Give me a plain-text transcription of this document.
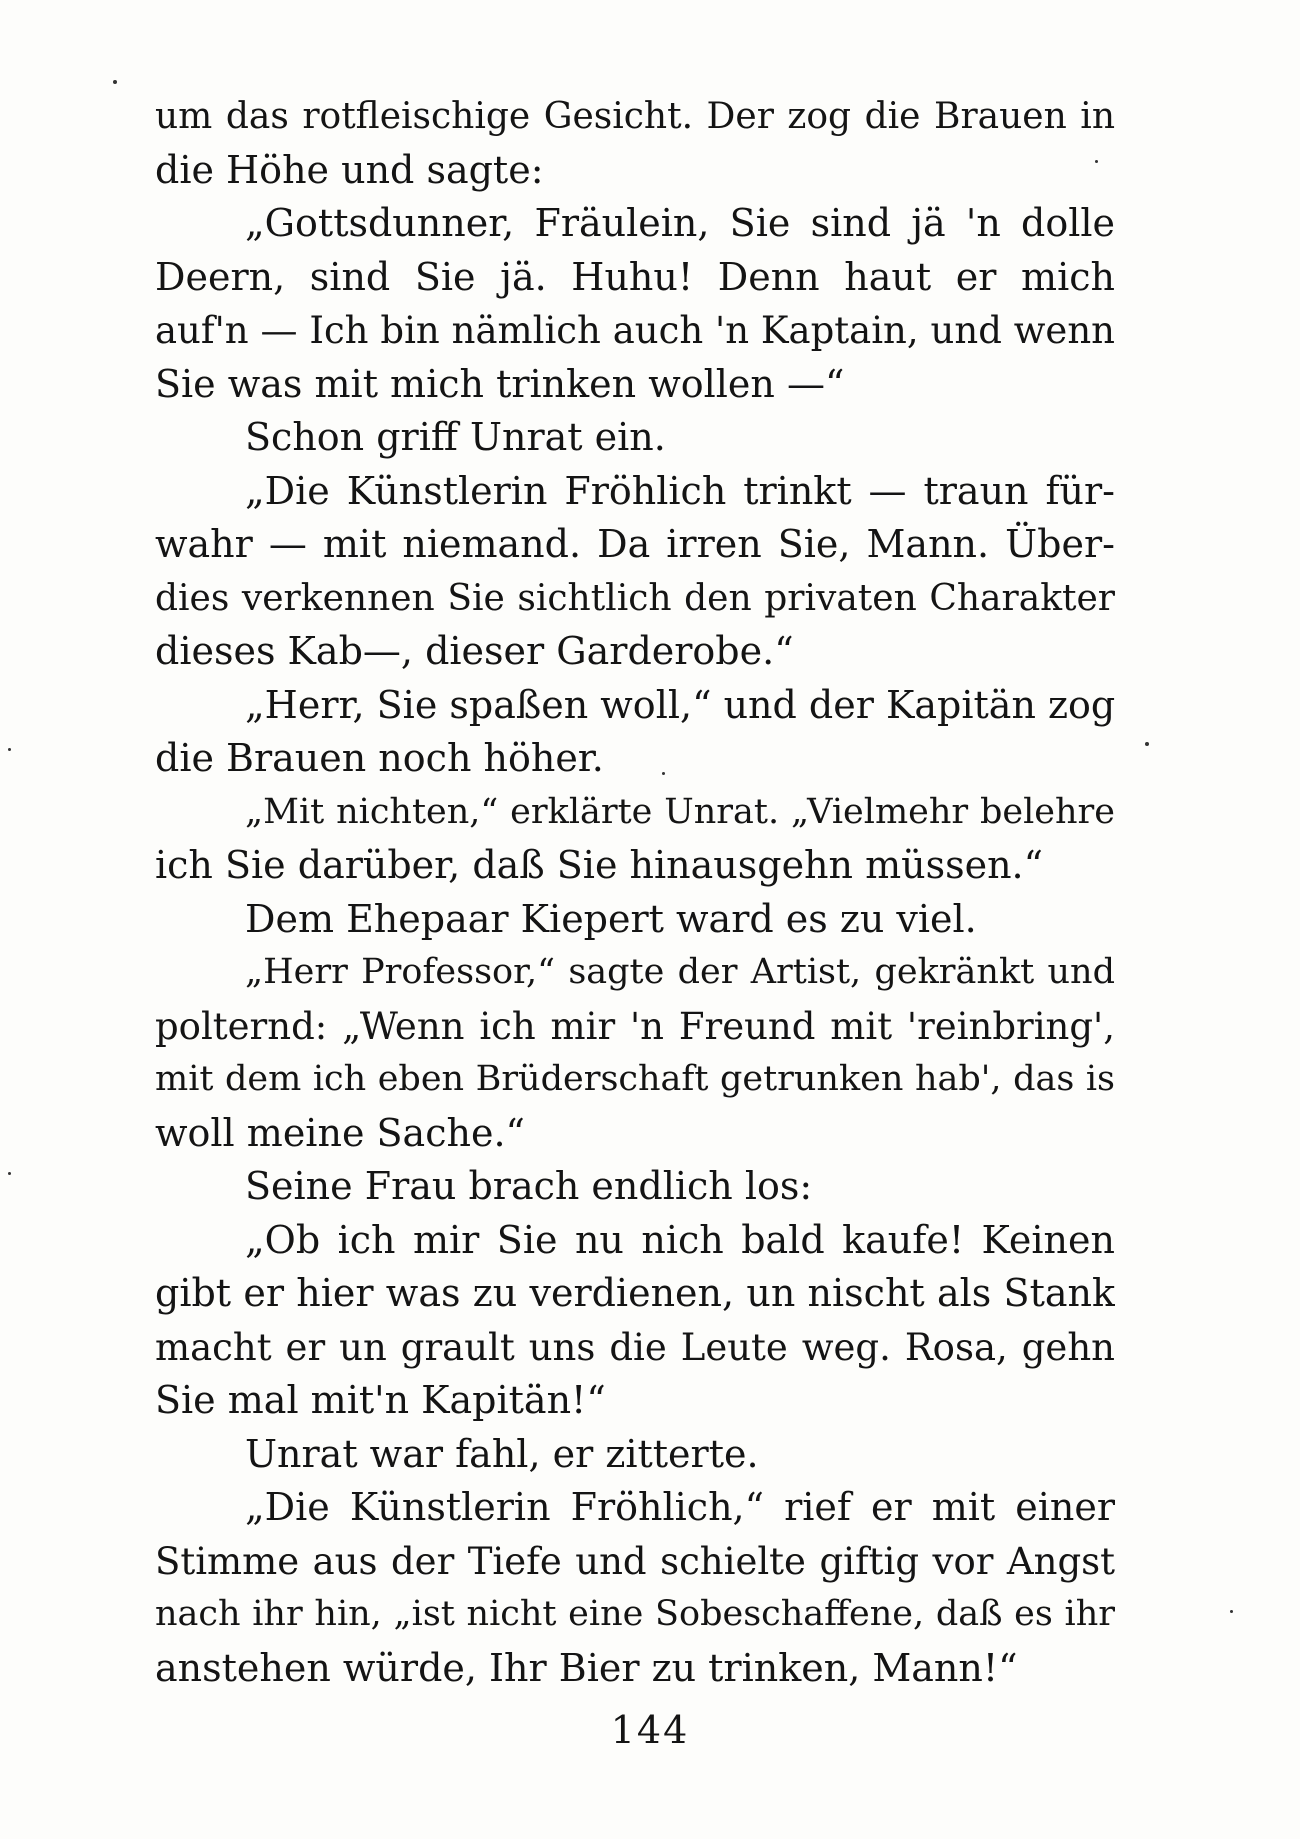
um das rotfleischige Gesicht. Der zog die Brauen in
die Höhe und sagte:
„Gottsdunner, Fräulein, Sie sind jä 'n dolle
Deern, sind Sie jä. Huhu! Denn haut er mich
auf'n — Ich bin nämlich auch 'n Kaptain, und wenn
Sie was mit mich trinken wollen —“
Schon griff Unrat ein.
„Die Künstlerin Fröhlich trinkt — traun für-
wahr — mit niemand. Da irren Sie, Mann. Über-
dies verkennen Sie sichtlich den privaten Charakter
dieses Kab—, dieser Garderobe.“
„Herr, Sie spaßen woll,“ und der Kapitän zog
die Brauen noch höher.
„Mit nichten,“ erklärte Unrat. „Vielmehr belehre
ich Sie darüber, daß Sie hinausgehn müssen.“
Dem Ehepaar Kiepert ward es zu viel.
„Herr Professor,“ sagte der Artist, gekränkt und
polternd: „Wenn ich mir 'n Freund mit 'reinbring',
mit dem ich eben Brüderschaft getrunken hab', das is
woll meine Sache.“
Seine Frau brach endlich los:
„Ob ich mir Sie nu nich bald kaufe! Keinen
gibt er hier was zu verdienen, un nischt als Stank
macht er un grault uns die Leute weg. Rosa, gehn
Sie mal mit'n Kapitän!“
Unrat war fahl, er zitterte.
„Die Künstlerin Fröhlich,“ rief er mit einer
Stimme aus der Tiefe und schielte giftig vor Angst
nach ihr hin, „ist nicht eine Sobeschaffene, daß es ihr
anstehen würde, Ihr Bier zu trinken, Mann!“
144
